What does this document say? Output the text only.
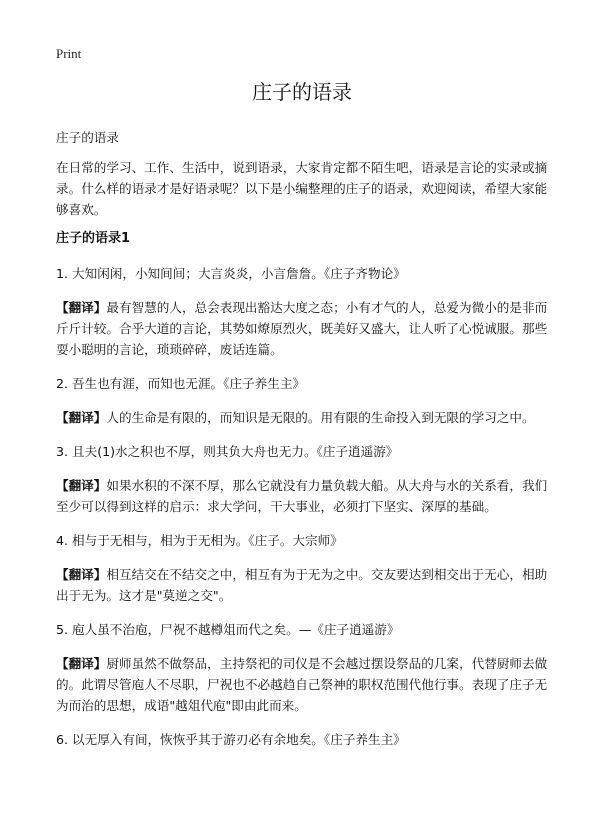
Print
庄子的语录

庄子的语录

在日常的学习、工作、生活中，说到语录，大家肯定都不陌生吧，语录是言论的实录或摘录。什么样的语录才是好语录呢？以下是小编整理的庄子的语录，欢迎阅读，希望大家能够喜欢。

庄子的语录1

1. 大知闲闲，小知间间；大言炎炎，小言詹詹。《庄子齐物论》

【翻译】最有智慧的人，总会表现出豁达大度之态；小有才气的人，总爱为微小的是非而斤斤计较。合乎大道的言论，其势如燎原烈火，既美好又盛大，让人听了心悦诚服。那些耍小聪明的言论，琐琐碎碎，废话连篇。

2. 吾生也有涯，而知也无涯。《庄子养生主》

【翻译】人的生命是有限的，而知识是无限的。用有限的生命投入到无限的学习之中。

3. 且夫(1)水之积也不厚，则其负大舟也无力。《庄子逍遥游》

【翻译】如果水积的不深不厚，那么它就没有力量负载大船。从大舟与水的关系看，我们至少可以得到这样的启示：求大学问，干大事业，必须打下坚实、深厚的基础。

4. 相与于无相与，相为于无相为。《庄子。大宗师》

【翻译】相互结交在不结交之中，相互有为于无为之中。交友要达到相交出于无心，相助出于无为。这才是"莫逆之交"。

5. 庖人虽不治庖，尸祝不越樽俎而代之矣。—《庄子逍遥游》

【翻译】厨师虽然不做祭品，主持祭祀的司仪是不会越过摆设祭品的几案，代替厨师去做的。此谓尽管庖人不尽职，尸祝也不必越趋自己祭神的职权范围代他行事。表现了庄子无为而治的思想，成语"越俎代庖"即由此而来。

6. 以无厚入有间，恢恢乎其于游刃必有余地矣。《庄子养生主》
